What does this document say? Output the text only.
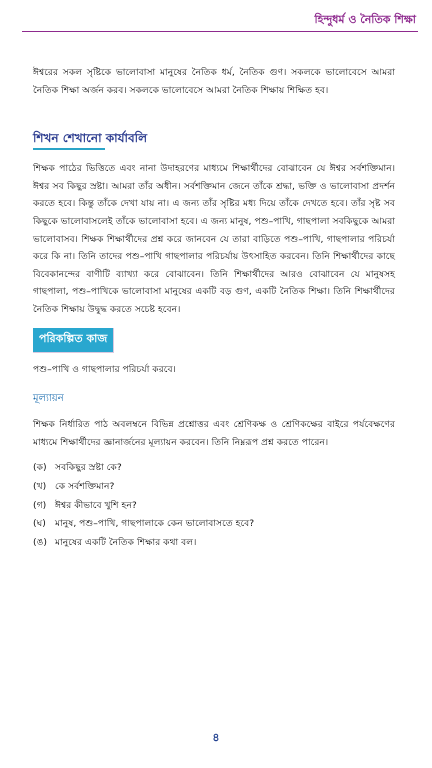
হিন্দুধর্ম ও নৈতিক শিক্ষা

ঈশ্বরের সকল সৃষ্টিকে ভালোবাসা মানুষের নৈতিক ধর্ম, নৈতিক গুণ। সকলকে ভালোবেসে আমরা নৈতিক শিক্ষা অর্জন করব। সকলকে ভালোবেসে আমরা নৈতিক শিক্ষায় শিক্ষিত হব।

শিখন শেখানো কার্যাবলি

শিক্ষক পাঠের ভিত্তিতে এবং নানা উদাহরণের মাধ্যমে শিক্ষার্থীদের বোঝাবেন যে ঈশ্বর সর্বশক্তিমান। ঈশ্বর সব কিছুর স্রষ্টা। আমরা তাঁর অধীন। সর্বশক্তিমান জেনে তাঁকে শ্রদ্ধা, ভক্তি ও ভালোবাসা প্রদর্শন করতে হবে। কিন্তু তাঁকে দেখা যায় না। এ জন্য তাঁর সৃষ্টির মধ্য দিয়ে তাঁকে দেখতে হবে। তাঁর সৃষ্ট সব কিছুকে ভালোবাসলেই তাঁকে ভালোবাসা হবে। এ জন্য মানুষ, পশু–পাখি, গাছপালা সবকিছুকে আমরা ভালোবাসব। শিক্ষক শিক্ষার্থীদের প্রশ্ন করে জানবেন যে তারা বাড়িতে পশু–পাখি, গাছপালার পরিচর্যা করে কি না। তিনি তাদের পশু–পাখি গাছপালার পরিচর্যায় উৎসাহিত করবেন। তিনি শিক্ষার্থীদের কাছে বিবেকানন্দের বাণীটি ব্যাখ্যা করে বোঝাবেন। তিনি শিক্ষার্থীদের আরও বোঝাবেন যে মানুষসহ গাছপালা, পশু–পাখিকে ভালোবাসা মানুষের একটি বড় গুণ, একটি নৈতিক শিক্ষা। তিনি শিক্ষার্থীদের নৈতিক শিক্ষায় উদ্বুদ্ধ করতে সচেষ্ট হবেন।

পরিকল্পিত কাজ

পশু–পাখি ও গাছপালার পরিচর্যা করবে।

মূল্যায়ন

শিক্ষক নির্ধারিত পাঠ অবলম্বনে বিভিন্ন প্রশ্নোত্তর এবং শ্রেণিকক্ষ ও শ্রেণিকক্ষের বাইরে পর্যবেক্ষণের মাধ্যমে শিক্ষার্থীদের জ্ঞানার্জনের মূল্যায়ন করবেন। তিনি নিম্নরূপ প্রশ্ন করতে পারেন।

(ক) সবকিছুর স্রষ্টা কে?
(খ) কে সর্বশক্তিমান?
(গ) ঈশ্বর কীভাবে খুশি হন?
(ঘ) মানুষ, পশু–পাখি, গাছপালাকে কেন ভালোবাসতে হবে?
(ঙ) মানুষের একটি নৈতিক শিক্ষার কথা বল।
৪
